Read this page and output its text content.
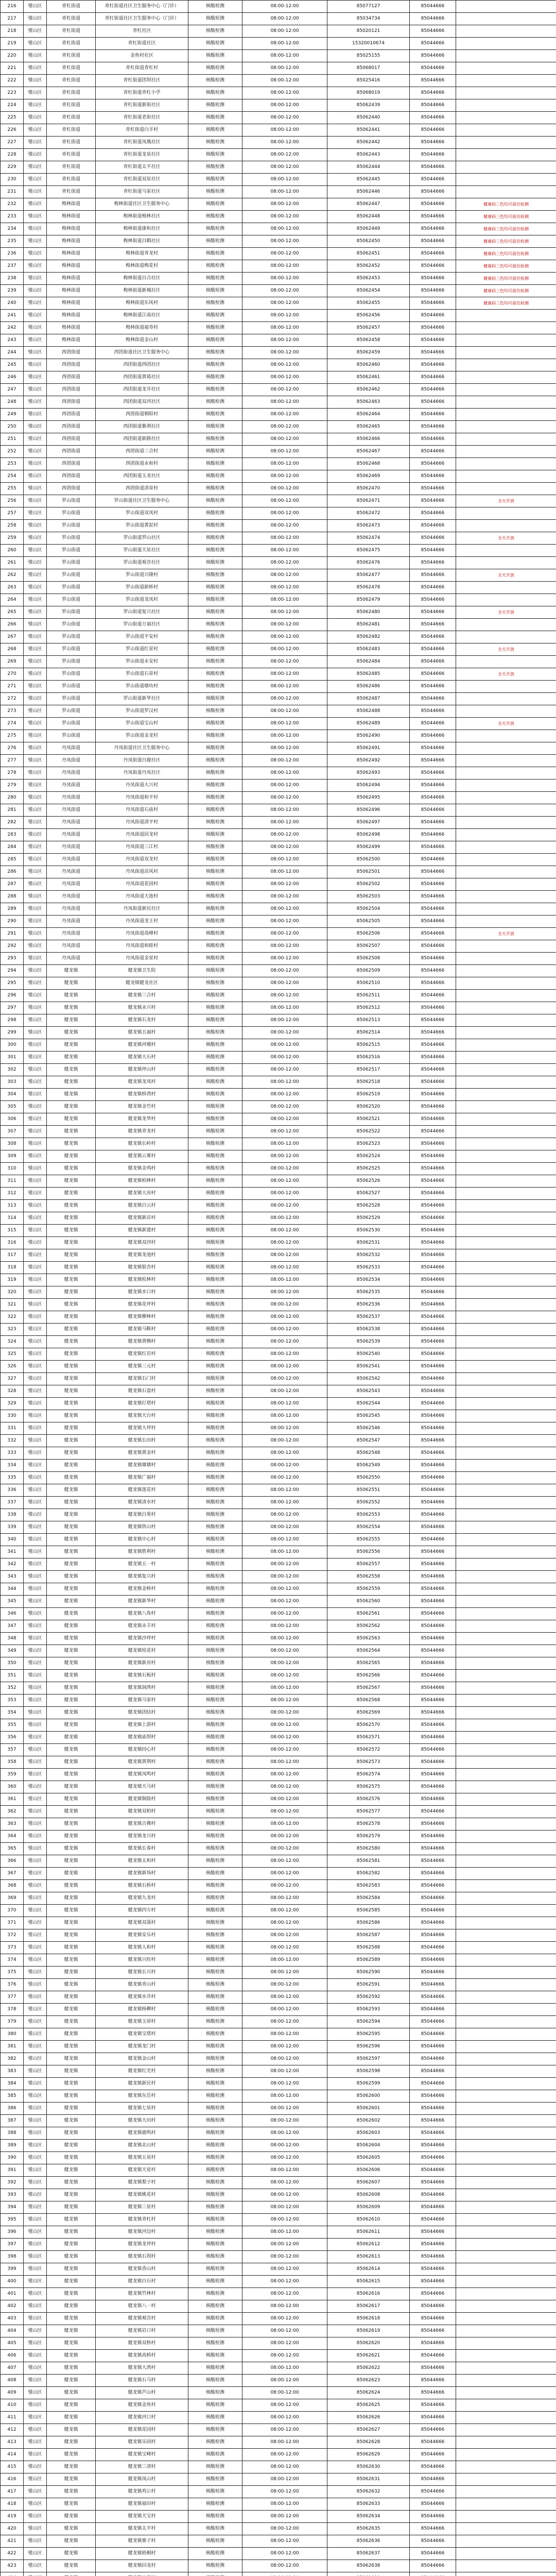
216	璧山区	青杠街道	青杠街道社区卫生服务中心（门诊）	核酸检测	08:00-12:00	85077127	85044666	
217	璧山区	青杠街道	青杠街道社区卫生服务中心（门诊）	核酸检测	08:00-12:00	85034734	85044666	
218	璧山区	青杠街道	青杠社区	核酸检测	08:00-12:00	85020121	85044666	
219	璧山区	青杠街道	青杠街道社区	核酸检测	08:00-12:00	15320010674	85044666	
220	璧山区	青杠街道	金鱼村社区	核酸检测	08:00-12:00	85025155	85044666	
221	璧山区	青杠街道	青杠街道青杠村	核酸检测	08:00-12:00	85068017	85044666	
222	璧山区	青杠街道	青杠街道团坝社区	核酸检测	08:00-12:00	85025416	85044666	
223	璧山区	青杠街道	青杠街道青杠小学	核酸检测	08:00-12:00	85068019	85044666	
224	璧山区	青杠街道	青杠街道新街社区	核酸检测	08:00-12:00	85062439	85044666	
225	璧山区	青杠街道	青杠街道老街社区	核酸检测	08:00-12:00	85062440	85044666	
226	璧山区	青杠街道	青杠街道白羊村	核酸检测	08:00-12:00	85062441	85044666	
227	璧山区	青杠街道	青杠街道凤凰社区	核酸检测	08:00-12:00	85062442	85044666	
228	璧山区	青杠街道	青杠街道龙泉社区	核酸检测	08:00-12:00	85062443	85044666	
229	璧山区	青杠街道	青杠街道太平社区	核酸检测	08:00-12:00	85062444	85044666	
230	璧山区	青杠街道	青杠街道双星社区	核酸检测	08:00-12:00	85062445	85044666	
231	璧山区	青杠街道	青杠街道马家社区	核酸检测	08:00-12:00	85062446	85044666	
232	璧山区	梅林街道	梅林街道社区卫生服务中心	核酸检测	08:00-12:00	85062447	85044666	健康码三色均可前往检测
233	璧山区	梅林街道	梅林街道梅林社区	核酸检测	08:00-12:00	85062448	85044666	健康码三色均可前往检测
234	璧山区	梅林街道	梅林街道康和社区	核酸检测	08:00-12:00	85062449	85044666	健康码三色均可前往检测
235	璧山区	梅林街道	梅林街道白鹤社区	核酸检测	08:00-12:00	85062450	85044666	健康码三色均可前往检测
236	璧山区	梅林街道	梅林街道青龙村	核酸检测	08:00-12:00	85062451	85044666	健康码三色均可前往检测
237	璧山区	梅林街道	梅林街道梅花村	核酸检测	08:00-12:00	85062452	85044666	健康码三色均可前往检测
238	璧山区	梅林街道	梅林街道百合社区	核酸检测	08:00-12:00	85062453	85044666	健康码三色均可前往检测
239	璧山区	梅林街道	梅林街道新城社区	核酸检测	08:00-12:00	85062454	85044666	健康码三色均可前往检测
240	璧山区	梅林街道	梅林街道东风村	核酸检测	08:00-12:00	85062455	85044666	健康码三色均可前往检测
241	璧山区	梅林街道	梅林街道江南社区	核酸检测	08:00-12:00	85062456	85044666	
242	璧山区	梅林街道	梅林街道福寿村	核酸检测	08:00-12:00	85062457	85044666	
243	璧山区	梅林街道	梅林街道金山村	核酸检测	08:00-12:00	85062458	85044666	
244	璧山区	西团街道	西团街道社区卫生服务中心	核酸检测	08:00-12:00	85062459	85044666	
245	璧山区	西团街道	西团街道西团社区	核酸检测	08:00-12:00	85062460	85044666	
246	璧山区	西团街道	西团街道黄葛社区	核酸检测	08:00-12:00	85062461	85044666	
247	璧山区	西团街道	西团街道龙井社区	核酸检测	08:00-12:00	85062462	85044666	
248	璧山区	西团街道	西团街道双河社区	核酸检测	08:00-12:00	85062463	85044666	
249	璧山区	西团街道	西团街道朝阳村	核酸检测	08:00-12:00	85062464	85044666	
250	璧山区	西团街道	西团街道紫荆社区	核酸检测	08:00-12:00	85062465	85044666	
251	璧山区	西团街道	西团街道新路社区	核酸检测	08:00-12:00	85062466	85044666	
252	璧山区	西团街道	西团街道三合村	核酸检测	08:00-12:00	85062467	85044666	
253	璧山区	西团街道	西团街道永和村	核酸检测	08:00-12:00	85062468	85044666	
254	璧山区	西团街道	西团街道玉龙社区	核酸检测	08:00-12:00	85062469	85044666	
255	璧山区	西团街道	西团街道清泉村	核酸检测	08:00-12:00	85062470	85044666	
256	璧山区	罗山街道	罗山街道社区卫生服务中心	核酸检测	08:00-12:00	85062471	85044666	全天开放
257	璧山区	罗山街道	罗山街道双凤村	核酸检测	08:00-12:00	85062472	85044666	
258	璧山区	罗山街道	罗山街道黄泥村	核酸检测	08:00-12:00	85062473	85044666	
259	璧山区	罗山街道	罗山街道罗山社区	核酸检测	08:00-12:00	85062474	85044666	全天开放
260	璧山区	罗山街道	罗山街道天星社区	核酸检测	08:00-12:00	85062475	85044666	
261	璧山区	罗山街道	罗山街道观音社区	核酸检测	08:00-12:00	85062476	85044666	
262	璧山区	罗山街道	罗山街道兴隆村	核酸检测	08:00-12:00	85062477	85044666	全天开放
263	璧山区	罗山街道	罗山街道新桥村	核酸检测	08:00-12:00	85062478	85044666	
264	璧山区	罗山街道	罗山街道龙凤村	核酸检测	08:00-12:00	85062479	85044666	
265	璧山区	罗山街道	罗山街道复兴社区	核酸检测	08:00-12:00	85062480	85044666	全天开放
266	璧山区	罗山街道	罗山街道万福社区	核酸检测	08:00-12:00	85062481	85044666	
267	璧山区	罗山街道	罗山街道平安村	核酸检测	08:00-12:00	85062482	85044666	
268	璧山区	罗山街道	罗山街道红星村	核酸检测	08:00-12:00	85062483	85044666	全天开放
269	璧山区	罗山街道	罗山街道永安村	核酸检测	08:00-12:00	85062484	85044666	
270	璧山区	罗山街道	罗山街道石泉村	核酸检测	08:00-12:00	85062485	85044666	全天开放
271	璧山区	罗山街道	罗山街道塘坊村	核酸检测	08:00-12:00	85062486	85044666	
272	璧山区	罗山街道	罗山街道新华社区	核酸检测	08:00-12:00	85062487	85044666	
273	璧山区	罗山街道	罗山街道罗汉村	核酸检测	08:00-12:00	85062488	85044666	
274	璧山区	罗山街道	罗山街道宝山村	核酸检测	08:00-12:00	85062489	85044666	全天开放
275	璧山区	罗山街道	罗山街道金龙村	核酸检测	08:00-12:00	85062490	85044666	
276	璧山区	丹凤街道	丹凤街道社区卫生服务中心	核酸检测	08:00-12:00	85062491	85044666	
277	璧山区	丹凤街道	丹凤街道白鹿社区	核酸检测	08:00-12:00	85062492	85044666	
278	璧山区	丹凤街道	丹凤街道丹凤社区	核酸检测	08:00-12:00	85062493	85044666	
279	璧山区	丹凤街道	丹凤街道大兴村	核酸检测	08:00-12:00	85062494	85044666	
280	璧山区	丹凤街道	丹凤街道和平村	核酸检测	08:00-12:00	85062495	85044666	
281	璧山区	丹凤街道	丹凤街道石庙村	核酸检测	08:00-12:00	85062496	85044666	
282	璧山区	丹凤街道	丹凤街道清平村	核酸检测	08:00-12:00	85062497	85044666	
283	璧山区	丹凤街道	丹凤街道回龙村	核酸检测	08:00-12:00	85062498	85044666	
284	璧山区	丹凤街道	丹凤街道三江村	核酸检测	08:00-12:00	85062499	85044666	
285	璧山区	丹凤街道	丹凤街道双龙村	核酸检测	08:00-12:00	85062500	85044666	
286	璧山区	丹凤街道	丹凤街道凉风村	核酸检测	08:00-12:00	85062501	85044666	
287	璧山区	丹凤街道	丹凤街道花园村	核酸检测	08:00-12:00	85062502	85044666	
288	璧山区	丹凤街道	丹凤街道天池村	核酸检测	08:00-12:00	85062503	85044666	
289	璧山区	丹凤街道	丹凤街道新民社区	核酸检测	08:00-12:00	85062504	85044666	
290	璧山区	丹凤街道	丹凤街道龙王村	核酸检测	08:00-12:00	85062505	85044666	
291	璧山区	丹凤街道	丹凤街道高峰村	核酸检测	08:00-12:00	85062506	85044666	全天开放
292	璧山区	丹凤街道	丹凤街道和睦村	核酸检测	08:00-12:00	85062507	85044666	
293	璧山区	丹凤街道	丹凤街道金星村	核酸检测	08:00-12:00	85062508	85044666	
294	璧山区	健龙镇	健龙镇卫生院	核酸检测	08:00-12:00	85062509	85044666	
295	璧山区	健龙镇	健龙镇健龙社区	核酸检测	08:00-12:00	85062510	85044666	
296	璧山区	健龙镇	健龙镇三合村	核酸检测	08:00-12:00	85062511	85044666	
297	璧山区	健龙镇	健龙镇永兴村	核酸检测	08:00-12:00	85062512	85044666	
298	璧山区	健龙镇	健龙镇石龙村	核酸检测	08:00-12:00	85062513	85044666	
299	璧山区	健龙镇	健龙镇五福村	核酸检测	08:00-12:00	85062514	85044666	
300	璧山区	健龙镇	健龙镇河堰村	核酸检测	08:00-12:00	85062515	85044666	
301	璧山区	健龙镇	健龙镇大石村	核酸检测	08:00-12:00	85062516	85044666	
302	璧山区	健龙镇	健龙镇坪山村	核酸检测	08:00-12:00	85062517	85044666	
303	璧山区	健龙镇	健龙镇龙凤村	核酸检测	08:00-12:00	85062518	85044666	
304	璧山区	健龙镇	健龙镇桥湾村	核酸检测	08:00-12:00	85062519	85044666	
305	璧山区	健龙镇	健龙镇金竹村	核酸检测	08:00-12:00	85062520	85044666	
306	璧山区	健龙镇	健龙镇龙华村	核酸检测	08:00-12:00	85062521	85044666	
307	璧山区	健龙镇	健龙镇青龙村	核酸检测	08:00-12:00	85062522	85044666	
308	璧山区	健龙镇	健龙镇长岭村	核酸检测	08:00-12:00	85062523	85044666	
309	璧山区	健龙镇	健龙镇云雾村	核酸检测	08:00-12:00	85062524	85044666	
310	璧山区	健龙镇	健龙镇金鸡村	核酸检测	08:00-12:00	85062525	85044666	
311	璧山区	健龙镇	健龙镇柏林村	核酸检测	08:00-12:00	85062526	85044666	
312	璧山区	健龙镇	健龙镇大房村	核酸检测	08:00-12:00	85062527	85044666	
313	璧山区	健龙镇	健龙镇白云村	核酸检测	08:00-12:00	85062528	85044666	
314	璧山区	健龙镇	健龙镇新店村	核酸检测	08:00-12:00	85062529	85044666	
315	璧山区	健龙镇	健龙镇新建村	核酸检测	08:00-12:00	85062530	85044666	
316	璧山区	健龙镇	健龙镇双河村	核酸检测	08:00-12:00	85062531	85044666	
317	璧山区	健龙镇	健龙镇龙池村	核酸检测	08:00-12:00	85062532	85044666	
318	璧山区	健龙镇	健龙镇银杏村	核酸检测	08:00-12:00	85062533	85044666	
319	璧山区	健龙镇	健龙镇松林村	核酸检测	08:00-12:00	85062534	85044666	
320	璧山区	健龙镇	健龙镇水口村	核酸检测	08:00-12:00	85062535	85044666	
321	璧山区	健龙镇	健龙镇花坪村	核酸检测	08:00-12:00	85062536	85044666	
322	璧山区	健龙镇	健龙镇柳林村	核酸检测	08:00-12:00	85062537	85044666	
323	璧山区	健龙镇	健龙镇马鞍村	核酸检测	08:00-12:00	85062538	85044666	
324	璧山区	健龙镇	健龙镇黄桷村	核酸检测	08:00-12:00	85062539	85044666	
325	璧山区	健龙镇	健龙镇红岩村	核酸检测	08:00-12:00	85062540	85044666	
326	璧山区	健龙镇	健龙镇三元村	核酸检测	08:00-12:00	85062541	85044666	
327	璧山区	健龙镇	健龙镇石门村	核酸检测	08:00-12:00	85062542	85044666	
328	璧山区	健龙镇	健龙镇石盘村	核酸检测	08:00-12:00	85062543	85044666	
329	璧山区	健龙镇	健龙镇灯塔村	核酸检测	08:00-12:00	85062544	85044666	
330	璧山区	健龙镇	健龙镇天台村	核酸检测	08:00-12:00	85062545	85044666	
331	璧山区	健龙镇	健龙镇大坪村	核酸检测	08:00-12:00	85062546	85044666	
332	璧山区	健龙镇	健龙镇长田村	核酸检测	08:00-12:00	85062547	85044666	
333	璧山区	健龙镇	健龙镇黄金村	核酸检测	08:00-12:00	85062548	85044666	
334	璧山区	健龙镇	健龙镇堰塘村	核酸检测	08:00-12:00	85062549	85044666	
335	璧山区	健龙镇	健龙镇广福村	核酸检测	08:00-12:00	85062550	85044666	
336	璧山区	健龙镇	健龙镇莲花村	核酸检测	08:00-12:00	85062551	85044666	
337	璧山区	健龙镇	健龙镇清水村	核酸检测	08:00-12:00	85062552	85044666	
338	璧山区	健龙镇	健龙镇白果村	核酸检测	08:00-12:00	85062553	85044666	
339	璧山区	健龙镇	健龙镇铁山村	核酸检测	08:00-12:00	85062554	85044666	
340	璧山区	健龙镇	健龙镇中心村	核酸检测	08:00-12:00	85062555	85044666	
341	璧山区	健龙镇	健龙镇胜利村	核酸检测	08:00-12:00	85062556	85044666	
342	璧山区	健龙镇	健龙镇五一村	核酸检测	08:00-12:00	85062557	85044666	
343	璧山区	健龙镇	健龙镇复兴村	核酸检测	08:00-12:00	85062558	85044666	
344	璧山区	健龙镇	健龙镇金桥村	核酸检测	08:00-12:00	85062559	85044666	
345	璧山区	健龙镇	健龙镇新华村	核酸检测	08:00-12:00	85062560	85044666	
346	璧山区	健龙镇	健龙镇八角村	核酸检测	08:00-12:00	85062561	85044666	
347	璧山区	健龙镇	健龙镇永丰村	核酸检测	08:00-12:00	85062562	85044666	
348	璧山区	健龙镇	健龙镇沙坪村	核酸检测	08:00-12:00	85062563	85044666	
349	璧山区	健龙镇	健龙镇桂花村	核酸检测	08:00-12:00	85062564	85044666	
350	璧山区	健龙镇	健龙镇新房村	核酸检测	08:00-12:00	85062565	85044666	
351	璧山区	健龙镇	健龙镇石板村	核酸检测	08:00-12:00	85062566	85044666	
352	璧山区	健龙镇	健龙镇洞湾村	核酸检测	08:00-12:00	85062567	85044666	
353	璧山区	健龙镇	健龙镇马家村	核酸检测	08:00-12:00	85062568	85044666	
354	璧山区	健龙镇	健龙镇团结村	核酸检测	08:00-12:00	85062569	85044666	
355	璧山区	健龙镇	健龙镇上游村	核酸检测	08:00-12:00	85062570	85044666	
356	璧山区	健龙镇	健龙镇庙坝村	核酸检测	08:00-12:00	85062571	85044666	
357	璧山区	健龙镇	健龙镇同心村	核酸检测	08:00-12:00	85062572	85044666	
358	璧山区	健龙镇	健龙镇黄荆村	核酸检测	08:00-12:00	85062573	85044666	
359	璧山区	健龙镇	健龙镇凤鸣村	核酸检测	08:00-12:00	85062574	85044666	
360	璧山区	健龙镇	健龙镇天马村	核酸检测	08:00-12:00	85062575	85044666	
361	璧山区	健龙镇	健龙镇铜鼓村	核酸检测	08:00-12:00	85062576	85044666	
362	璧山区	健龙镇	健龙镇双柏村	核酸检测	08:00-12:00	85062577	85044666	
363	璧山区	健龙镇	健龙镇古佛村	核酸检测	08:00-12:00	85062578	85044666	
364	璧山区	健龙镇	健龙镇龙兴村	核酸检测	08:00-12:00	85062579	85044666	
365	璧山区	健龙镇	健龙镇长春村	核酸检测	08:00-12:00	85062580	85044666	
366	璧山区	健龙镇	健龙镇太和村	核酸检测	08:00-12:00	85062581	85044666	
367	璧山区	健龙镇	健龙镇新场村	核酸检测	08:00-12:00	85062582	85044666	
368	璧山区	健龙镇	健龙镇石桥村	核酸检测	08:00-12:00	85062583	85044666	
369	璧山区	健龙镇	健龙镇九龙村	核酸检测	08:00-12:00	85062584	85044666	
370	璧山区	健龙镇	健龙镇四方村	核酸检测	08:00-12:00	85062585	85044666	
371	璧山区	健龙镇	健龙镇双溪村	核酸检测	08:00-12:00	85062586	85044666	
372	璧山区	健龙镇	健龙镇安乐村	核酸检测	08:00-12:00	85062587	85044666	
373	璧山区	健龙镇	健龙镇人和村	核酸检测	08:00-12:00	85062588	85044666	
374	璧山区	健龙镇	健龙镇兴旺村	核酸检测	08:00-12:00	85062589	85044666	
375	璧山区	健龙镇	健龙镇长兴村	核酸检测	08:00-12:00	85062590	85044666	
376	璧山区	健龙镇	健龙镇青山村	核酸检测	08:00-12:00	85062591	85044666	
377	璧山区	健龙镇	健龙镇水井村	核酸检测	08:00-12:00	85062592	85044666	
378	璧山区	健龙镇	健龙镇杨柳村	核酸检测	08:00-12:00	85062593	85044666	
379	璧山区	健龙镇	健龙镇玉屏村	核酸检测	08:00-12:00	85062594	85044666	
380	璧山区	健龙镇	健龙镇宝塔村	核酸检测	08:00-12:00	85062595	85044666	
381	璧山区	健龙镇	健龙镇龙门村	核酸检测	08:00-12:00	85062596	85044666	
382	璧山区	健龙镇	健龙镇金山村	核酸检测	08:00-12:00	85062597	85044666	
383	璧山区	健龙镇	健龙镇红光村	核酸检测	08:00-12:00	85062598	85044666	
384	璧山区	健龙镇	健龙镇新民村	核酸检测	08:00-12:00	85062599	85044666	
385	璧山区	健龙镇	健龙镇东岳村	核酸检测	08:00-12:00	85062600	85044666	
386	璧山区	健龙镇	健龙镇七星村	核酸检测	08:00-12:00	85062601	85044666	
387	璧山区	健龙镇	健龙镇大田村	核酸检测	08:00-12:00	85062602	85044666	
388	璧山区	健龙镇	健龙镇鹿鸣村	核酸检测	08:00-12:00	85062603	85044666	
389	璧山区	健龙镇	健龙镇北山村	核酸检测	08:00-12:00	85062604	85044666	
390	璧山区	健龙镇	健龙镇五星村	核酸检测	08:00-12:00	85062605	85044666	
391	璧山区	健龙镇	健龙镇天星村	核酸检测	08:00-12:00	85062606	85044666	
392	璧山区	健龙镇	健龙镇梨子村	核酸检测	08:00-12:00	85062607	85044666	
393	璧山区	健龙镇	健龙镇桃花村	核酸检测	08:00-12:00	85062608	85044666	
394	璧山区	健龙镇	健龙镇三星村	核酸检测	08:00-12:00	85062609	85044666	
395	璧山区	健龙镇	健龙镇青杠村	核酸检测	08:00-12:00	85062610	85044666	
396	璧山区	健龙镇	健龙镇河边村	核酸检测	08:00-12:00	85062611	85044666	
397	璧山区	健龙镇	健龙镇龙坪村	核酸检测	08:00-12:00	85062612	85044666	
398	璧山区	健龙镇	健龙镇石坝村	核酸检测	08:00-12:00	85062613	85044666	
399	璧山区	健龙镇	健龙镇香山村	核酸检测	08:00-12:00	85062614	85044666	
400	璧山区	健龙镇	健龙镇白石村	核酸检测	08:00-12:00	85062615	85044666	
401	璧山区	健龙镇	健龙镇竹林村	核酸检测	08:00-12:00	85062616	85044666	
402	璧山区	健龙镇	健龙镇八一村	核酸检测	08:00-12:00	85062617	85044666	
403	璧山区	健龙镇	健龙镇观音村	核酸检测	08:00-12:00	85062618	85044666	
404	璧山区	健龙镇	健龙镇岩口村	核酸检测	08:00-12:00	85062619	85044666	
405	璧山区	健龙镇	健龙镇双桥村	核酸检测	08:00-12:00	85062620	85044666	
406	璧山区	健龙镇	健龙镇高桥村	核酸检测	08:00-12:00	85062621	85044666	
407	璧山区	健龙镇	健龙镇大湾村	核酸检测	08:00-12:00	85062622	85044666	
408	璧山区	健龙镇	健龙镇石马村	核酸检测	08:00-12:00	85062623	85044666	
409	璧山区	健龙镇	健龙镇芦山村	核酸检测	08:00-12:00	85062624	85044666	
410	璧山区	健龙镇	健龙镇金鱼村	核酸检测	08:00-12:00	85062625	85044666	
411	璧山区	健龙镇	健龙镇河口村	核酸检测	08:00-12:00	85062626	85044666	
412	璧山区	健龙镇	健龙镇花园村	核酸检测	08:00-12:00	85062627	85044666	
413	璧山区	健龙镇	健龙镇乐园村	核酸检测	08:00-12:00	85062628	85044666	
414	璧山区	健龙镇	健龙镇宝峰村	核酸检测	08:00-12:00	85062629	85044666	
415	璧山区	健龙镇	健龙镇三清村	核酸检测	08:00-12:00	85062630	85044666	
416	璧山区	健龙镇	健龙镇凤山村	核酸检测	08:00-12:00	85062631	85044666	
417	璧山区	健龙镇	健龙镇鸡公村	核酸检测	08:00-12:00	85062632	85044666	
418	璧山区	健龙镇	健龙镇福田村	核酸检测	08:00-12:00	85062633	85044666	
419	璧山区	健龙镇	健龙镇天宝村	核酸检测	08:00-12:00	85062634	85044666	
420	璧山区	健龙镇	健龙镇太平村	核酸检测	08:00-12:00	85062635	85044666	
421	璧山区	健龙镇	健龙镇寨子村	核酸检测	08:00-12:00	85062636	85044666	
422	璧山区	健龙镇	健龙镇梧桐村	核酸检测	08:00-12:00	85062637	85044666	
423	璧山区	健龙镇	健龙镇回龙村	核酸检测	08:00-12:00	85062638	85044666	
